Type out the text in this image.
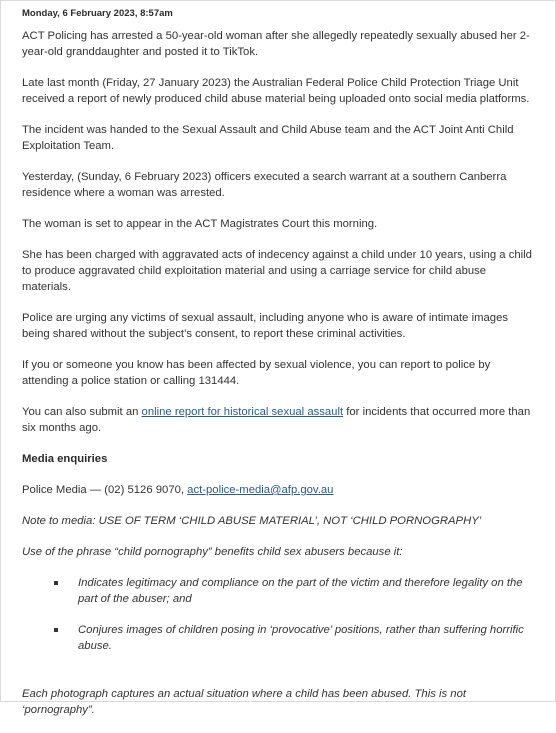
Monday, 6 February 2023, 8:57am

ACT Policing has arrested a 50-year-old woman after she allegedly repeatedly sexually abused her 2-year-old granddaughter and posted it to TikTok.

Late last month (Friday, 27 January 2023) the Australian Federal Police Child Protection Triage Unit received a report of newly produced child abuse material being uploaded onto social media platforms.

The incident was handed to the Sexual Assault and Child Abuse team and the ACT Joint Anti Child Exploitation Team.

Yesterday, (Sunday, 6 February 2023) officers executed a search warrant at a southern Canberra residence where a woman was arrested.

The woman is set to appear in the ACT Magistrates Court this morning.

She has been charged with aggravated acts of indecency against a child under 10 years, using a child to produce aggravated child exploitation material and using a carriage service for child abuse materials.

Police are urging any victims of sexual assault, including anyone who is aware of intimate images being shared without the subject’s consent, to report these criminal activities.

If you or someone you know has been affected by sexual violence, you can report to police by attending a police station or calling 131444.

You can also submit an online report for historical sexual assault for incidents that occurred more than six months ago.

Media enquiries

Police Media — (02) 5126 9070, act-police-media@afp.gov.au

Note to media: USE OF TERM ‘CHILD ABUSE MATERIAL’, NOT ‘CHILD PORNOGRAPHY’

Use of the phrase “child pornography” benefits child sex abusers because it:

Indicates legitimacy and compliance on the part of the victim and therefore legality on the part of the abuser; and
Conjures images of children posing in ‘provocative’ positions, rather than suffering horrific abuse.

Each photograph captures an actual situation where a child has been abused. This is not ‘pornography”.
